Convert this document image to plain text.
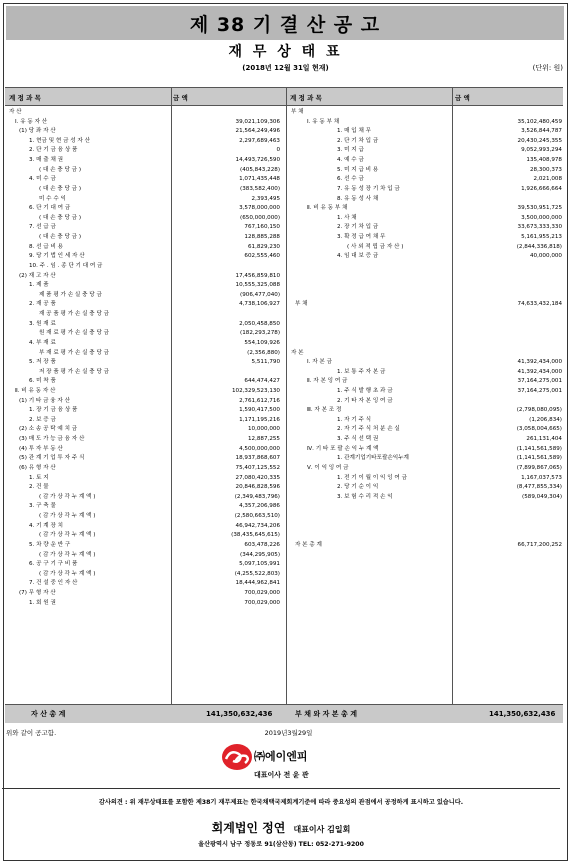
제 38 기 결 산 공 고
재 무 상 태 표
(2018년 12월 31일 현재)	(단위: 원)
계 정 과 목	금 액	계 정 과 목	금 액
자 산
Ⅰ. 유 동 자 산	39,021,109,306
(1) 당 좌 자 산	21,564,249,496
1. 현금 및 현 금 성 자 산	2,297,689,463
2. 단 기 금 융 상 품	0
3. 매 출 채 권	14,493,726,590
( 대 손 충 당 금 )	(405,843,228)
4. 미 수 금	1,071,435,448
( 대 손 충 당 금 )	(383,582,400)
미 수 수 익	2,393,495
6. 단 기 대 여 금	3,578,000,000
( 대 손 충 당 금 )	(650,000,000)
7. 선 급 금	767,160,150
( 대 손 충 당 금 )	128,885,288
8. 선 급 비 용	61,829,230
9. 당 기 법 인 세 자 산	602,555,460
10. 주 . 임 . 종 단 기 대 여 금
(2) 재 고 자 산	17,456,859,810
1. 제 품	10,555,325,088
제 품 평 가 손 실 충 당 금	(906,477,040)
2. 재 공 품	4,738,106,927
재 공 품 평 가 손 실 충 당 금
3. 원 재 료	2,050,458,850
원 재 료 평 가 손 실 충 당 금	(182,293,278)
4. 부 재 료	554,109,926
부 재 료 평 가 손 실 충 당 금	(2,356,880)
5. 저 장 품	5,511,790
저 장 품 평 가 손 실 충 당 금
6. 미 착 품	644,474,427
Ⅱ. 비 유 동 자 산	102,329,523,130
(1) 기 타 금 융 자 산	2,761,612,716
1. 장 기 금 융 상 품	1,590,417,500
2. 보 증 금	1,171,195,216
(2) 소 송 공 탁 예 치 금	10,000,000
(3) 매 도 가 능 금 융 자 산	12,887,255
(4) 투 자 부 동 산	4,500,000,000
(5) 관 계 기 업 투 자 주 식	18,937,868,607
(6) 유 형 자 산	75,407,125,552
1. 토 지	27,080,420,335
2. 건 물	20,846,828,596
( 감 가 상 각 누 계 액 )	(2,349,483,796)
3. 구 축 물	4,357,206,986
( 감 가 상 각 누 계 액 )	(2,580,663,510)
4. 기 계 장 치	46,942,734,206
( 감 가 상 각 누 계 액 )	(38,435,645,615)
5. 차 량 운 반 구	603,478,226
( 감 가 상 각 누 계 액 )	(344,295,905)
6. 공 구 기 구 비 품	5,097,105,991
( 감 가 상 각 누 계 액 )	(4,255,522,803)
7. 건 설 중 인 자 산	18,444,962,841
(7) 무 형 자 산	700,029,000
1. 회 원 권	700,029,000
부 채
Ⅰ. 유 동 부 채	35,102,480,459
1. 매 입 채 무	3,526,844,787
2. 단 기 차 입 금	20,430,245,355
3. 미 지 급	9,052,993,294
4. 예 수 금	135,408,978
5. 미 지 급 비 용	28,300,373
6. 선 수 금	2,021,008
7. 유 동 성 장 기 차 입 금	1,926,666,664
8. 유 동 성 사 채
Ⅱ. 비 유 동 부 채	39,530,951,725
1. 사 채	3,500,000,000
2. 장 기 차 입 금	33,673,333,330
3. 확 정 급 여 채 무	5,161,955,213
( 사 외 적 립 금 자 산 )	(2,844,336,818)
4. 임 대 보 증 금	40,000,000
부 채	74,633,432,184
자 본
Ⅰ. 자 본 금	41,392,434,000
1. 보 통 주 자 본 금	41,392,434,000
Ⅱ. 자 본 잉 여 금	37,164,275,001
1. 주 식 발 행 초 과 금	37,164,275,001
2. 기 타 자 본 잉 여 금
Ⅲ. 자 본 조 정	(2,798,080,095)
1. 자 기 주 식	(1,206,834)
2. 자 기 주 식 처 분 손 실	(3,058,004,665)
3. 주 식 선 택 권	261,131,404
Ⅳ. 기 타 포 괄 손 익 누 계 액	(1,141,561,589)
1. 관계기업기타포괄손익누계	(1,141,561,589)
Ⅴ. 이 익 잉 여 금	(7,899,867,065)
1. 전 기 이 월 이 익 잉 여 금	1,167,037,573
2. 당 기 순 이 익	(8,477,855,334)
3. 보 험 수 리 적 손 익	(589,049,304)
자 본 총 계	66,717,200,252
자 산 총 계	141,350,632,436	부 채 와 자 본 총 계	141,350,632,436
위와 같이 공고함.	2019년3월29일
㈜에이엔피
대표이사 전 윤 관
감사의견 : 위 재무상태표를 포함한 제38기 재무제표는 한국채택국제회계기준에 따라 중요성의 관점에서 공정하게 표시하고 있습니다.
회계법인 정연 대표이사 김일회
울산광역시 남구 정동로 91(삼산동) TEL: 052-271-9200
